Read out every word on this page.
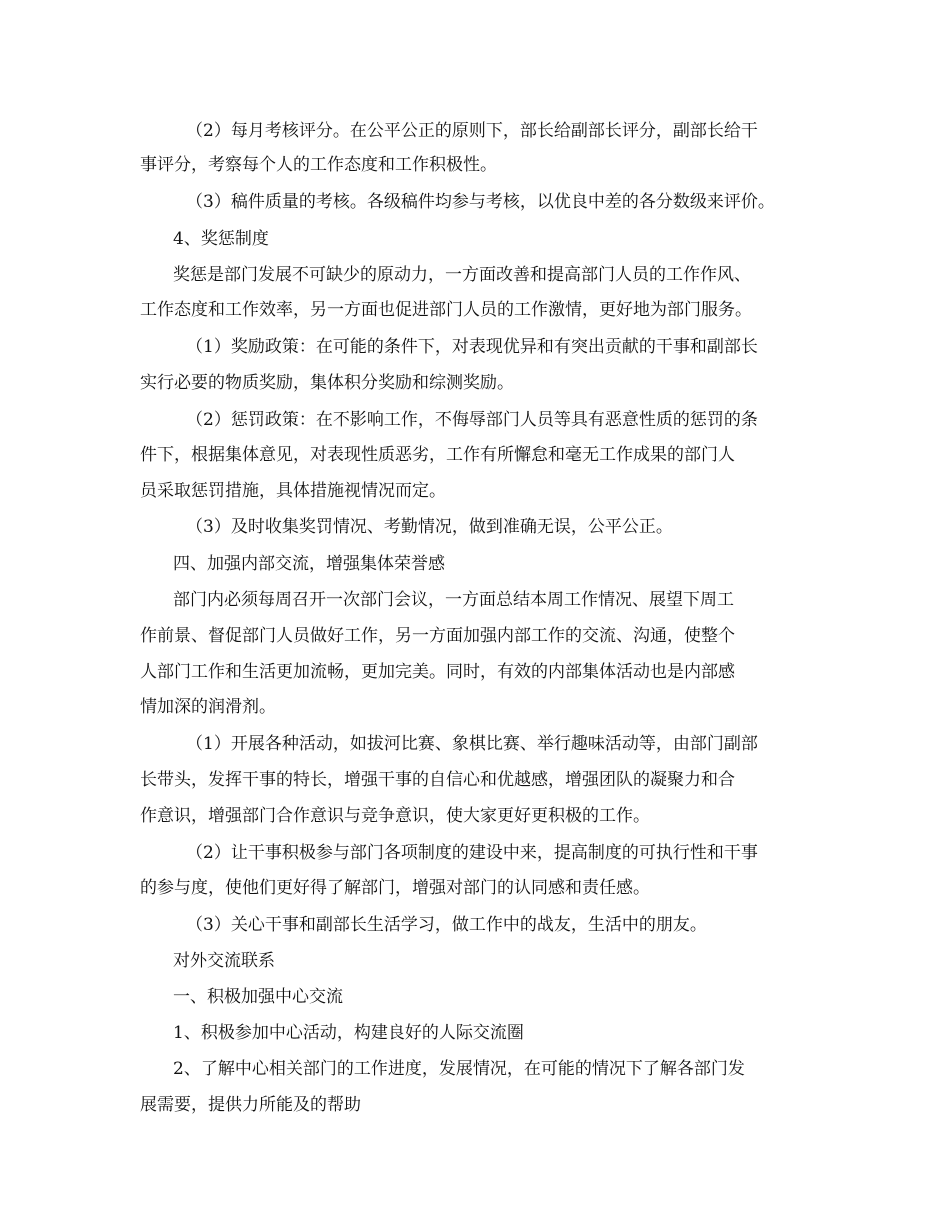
（2）每月考核评分。在公平公正的原则下，部长给副部长评分，副部长给干
事评分，考察每个人的工作态度和工作积极性。
（3）稿件质量的考核。各级稿件均参与考核，以优良中差的各分数级来评价。
4、奖惩制度
奖惩是部门发展不可缺少的原动力，一方面改善和提高部门人员的工作作风、
工作态度和工作效率，另一方面也促进部门人员的工作激情，更好地为部门服务。
（1）奖励政策：在可能的条件下，对表现优异和有突出贡献的干事和副部长
实行必要的物质奖励，集体积分奖励和综测奖励。
（2）惩罚政策：在不影响工作，不侮辱部门人员等具有恶意性质的惩罚的条
件下，根据集体意见，对表现性质恶劣，工作有所懈怠和毫无工作成果的部门人
员采取惩罚措施，具体措施视情况而定。
（3）及时收集奖罚情况、考勤情况，做到准确无误，公平公正。
四、加强内部交流，增强集体荣誉感
部门内必须每周召开一次部门会议，一方面总结本周工作情况、展望下周工
作前景、督促部门人员做好工作，另一方面加强内部工作的交流、沟通，使整个
人部门工作和生活更加流畅，更加完美。同时，有效的内部集体活动也是内部感
情加深的润滑剂。
（1）开展各种活动，如拔河比赛、象棋比赛、举行趣味活动等，由部门副部
长带头，发挥干事的特长，增强干事的自信心和优越感，增强团队的凝聚力和合
作意识，增强部门合作意识与竞争意识，使大家更好更积极的工作。
（2）让干事积极参与部门各项制度的建设中来，提高制度的可执行性和干事
的参与度，使他们更好得了解部门，增强对部门的认同感和责任感。
（3）关心干事和副部长生活学习，做工作中的战友，生活中的朋友。
对外交流联系
一、积极加强中心交流
1、积极参加中心活动，构建良好的人际交流圈
2、了解中心相关部门的工作进度，发展情况，在可能的情况下了解各部门发
展需要，提供力所能及的帮助
